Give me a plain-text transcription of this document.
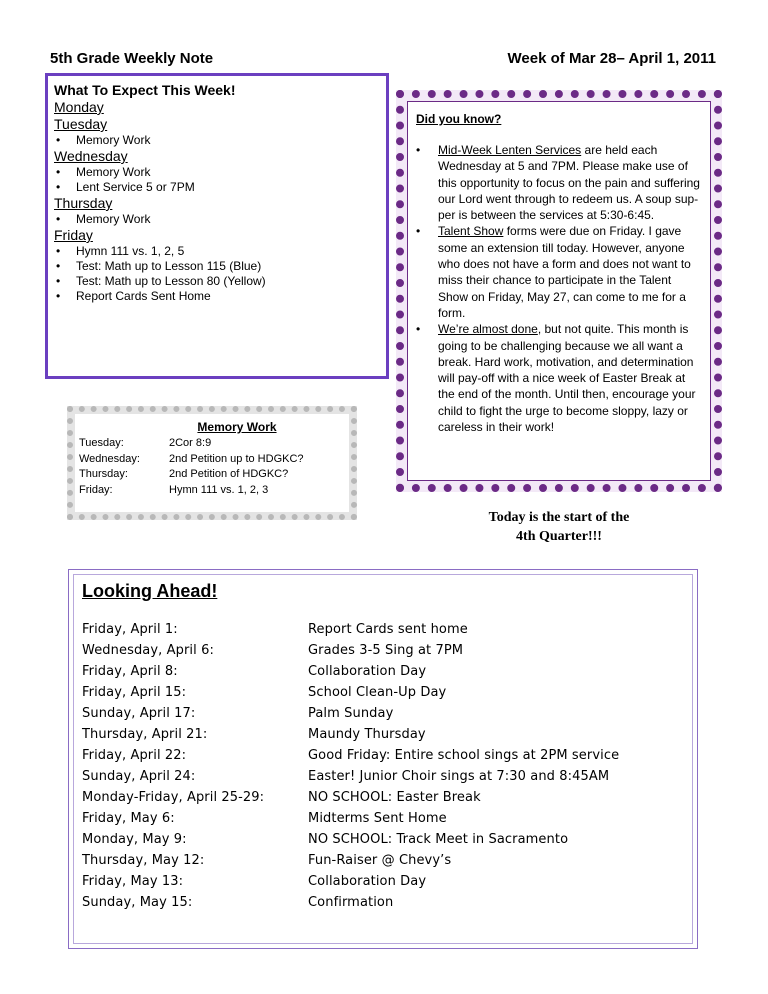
5th Grade Weekly Note	Week of Mar 28– April 1, 2011
What To Expect This Week!
Monday
Tuesday
• Memory Work
Wednesday
• Memory Work
• Lent Service 5 or 7PM
Thursday
• Memory Work
Friday
• Hymn 111 vs. 1, 2, 5
• Test: Math up to Lesson 115 (Blue)
• Test: Math up to Lesson 80 (Yellow)
• Report Cards Sent Home
Did you know?
• Mid-Week Lenten Services are held each Wednesday at 5 and 7PM. Please make use of this opportunity to focus on the pain and suffering our Lord went through to redeem us. A soup sup-per is between the services at 5:30-6:45.
• Talent Show forms were due on Friday. I gave some an extension till today. However, anyone who does not have a form and does not want to miss their chance to participate in the Talent Show on Friday, May 27, can come to me for a form.
• We’re almost done, but not quite. This month is going to be challenging because we all want a break. Hard work, motivation, and determination will pay-off with a nice week of Easter Break at the end of the month. Until then, encourage your child to fight the urge to become sloppy, lazy or careless in their work!
Today is the start of the
4th Quarter!!!
Memory Work
Tuesday:	2Cor 8:9
Wednesday:	2nd Petition up to HDGKC?
Thursday:	2nd Petition of HDGKC?
Friday:	Hymn 111 vs. 1, 2, 3
Looking Ahead!
Friday, April 1:	Report Cards sent home
Wednesday, April 6:	Grades 3-5 Sing at 7PM
Friday, April 8:	Collaboration Day
Friday, April 15:	School Clean-Up Day
Sunday, April 17:	Palm Sunday
Thursday, April 21:	Maundy Thursday
Friday, April 22:	Good Friday: Entire school sings at 2PM service
Sunday, April 24:	Easter! Junior Choir sings at 7:30 and 8:45AM
Monday-Friday, April 25-29:	NO SCHOOL: Easter Break
Friday, May 6:	Midterms Sent Home
Monday, May 9:	NO SCHOOL: Track Meet in Sacramento
Thursday, May 12:	Fun-Raiser @ Chevy’s
Friday, May 13:	Collaboration Day
Sunday, May 15:	Confirmation
